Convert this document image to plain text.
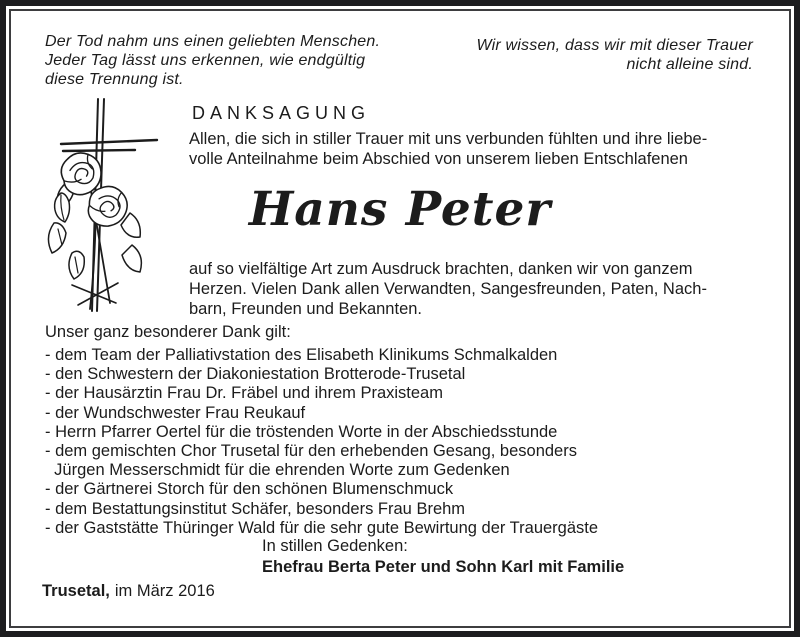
Der Tod nahm uns einen geliebten Menschen.
Jeder Tag lässt uns erkennen, wie endgültig
diese Trennung ist.
Wir wissen, dass wir mit dieser Trauer
nicht alleine sind.
DANKSAGUNG
Allen, die sich in stiller Trauer mit uns verbunden fühlten und ihre liebe-
volle Anteilnahme beim Abschied von unserem lieben Entschlafenen
Hans Peter
auf so vielfältige Art zum Ausdruck brachten, danken wir von ganzem
Herzen. Vielen Dank allen Verwandten, Sangesfreunden, Paten, Nach-
barn, Freunden und Bekannten.
Unser ganz besonderer Dank gilt:
- dem Team der Palliativstation des Elisabeth Klinikums Schmalkalden
- den Schwestern der Diakoniestation Brotterode-Trusetal
- der Hausärztin Frau Dr. Fräbel und ihrem Praxisteam
- der Wundschwester Frau Reukauf
- Herrn Pfarrer Oertel für die tröstenden Worte in der Abschiedsstunde
- dem gemischten Chor Trusetal für den erhebenden Gesang, besonders
Jürgen Messerschmidt für die ehrenden Worte zum Gedenken
- der Gärtnerei Storch für den schönen Blumenschmuck
- dem Bestattungsinstitut Schäfer, besonders Frau Brehm
- der Gaststätte Thüringer Wald für die sehr gute Bewirtung der Trauergäste
In stillen Gedenken:
Ehefrau Berta Peter und Sohn Karl mit Familie
Trusetal, im März 2016
